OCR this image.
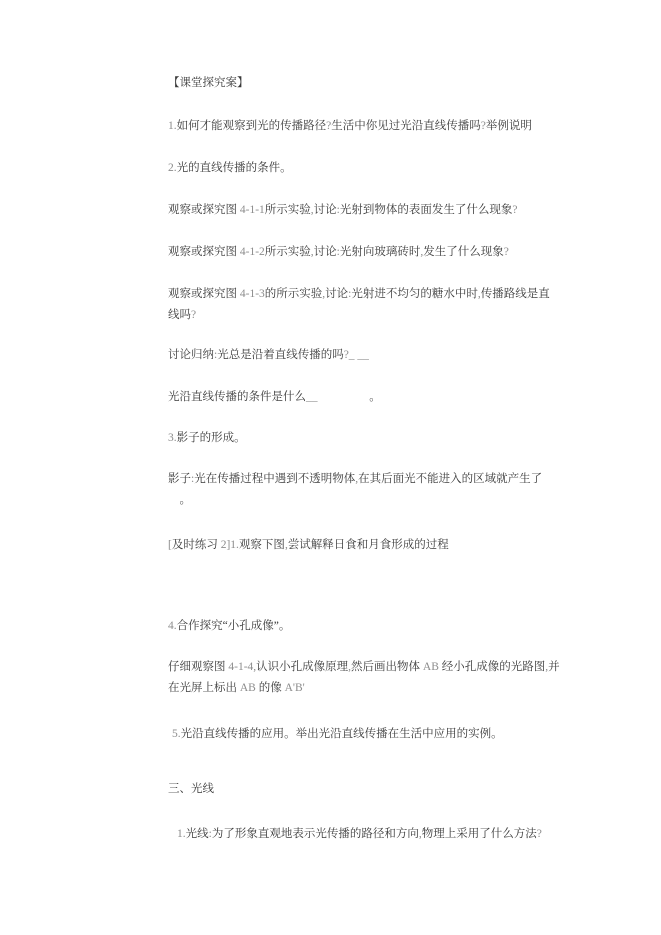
【课堂探究案】

1.如何才能观察到光的传播路径?生活中你见过光沿直线传播吗?举例说明

2.光的直线传播的条件。

观察或探究图 4-1-1所示实验,讨论:光射到物体的表面发生了什么现象?

观察或探究图 4-1-2所示实验,讨论:光射向玻璃砖时,发生了什么现象?

观察或探究图 4-1-3的所示实验,讨论:光射进不均匀的糖水中时,传播路线是直
线吗?

讨论归纳:光总是沿着直线传播的吗?_ __

光沿直线传播的条件是什么__                  。

3.影子的形成。

影子:光在传播过程中遇到不透明物体,在其后面光不能进入的区域就产生了
。

[及时练习 2]1.观察下图,尝试解释日食和月食形成的过程

4.合作探究“小孔成像”。

仔细观察图 4-1-4,认识小孔成像原理,然后画出物体 AB 经小孔成像的光路图,并
在光屏上标出 AB 的像 A'B'

5.光沿直线传播的应用。举出光沿直线传播在生活中应用的实例。

三、光线

1.光线:为了形象直观地表示光传播的路径和方向,物理上采用了什么方法?
